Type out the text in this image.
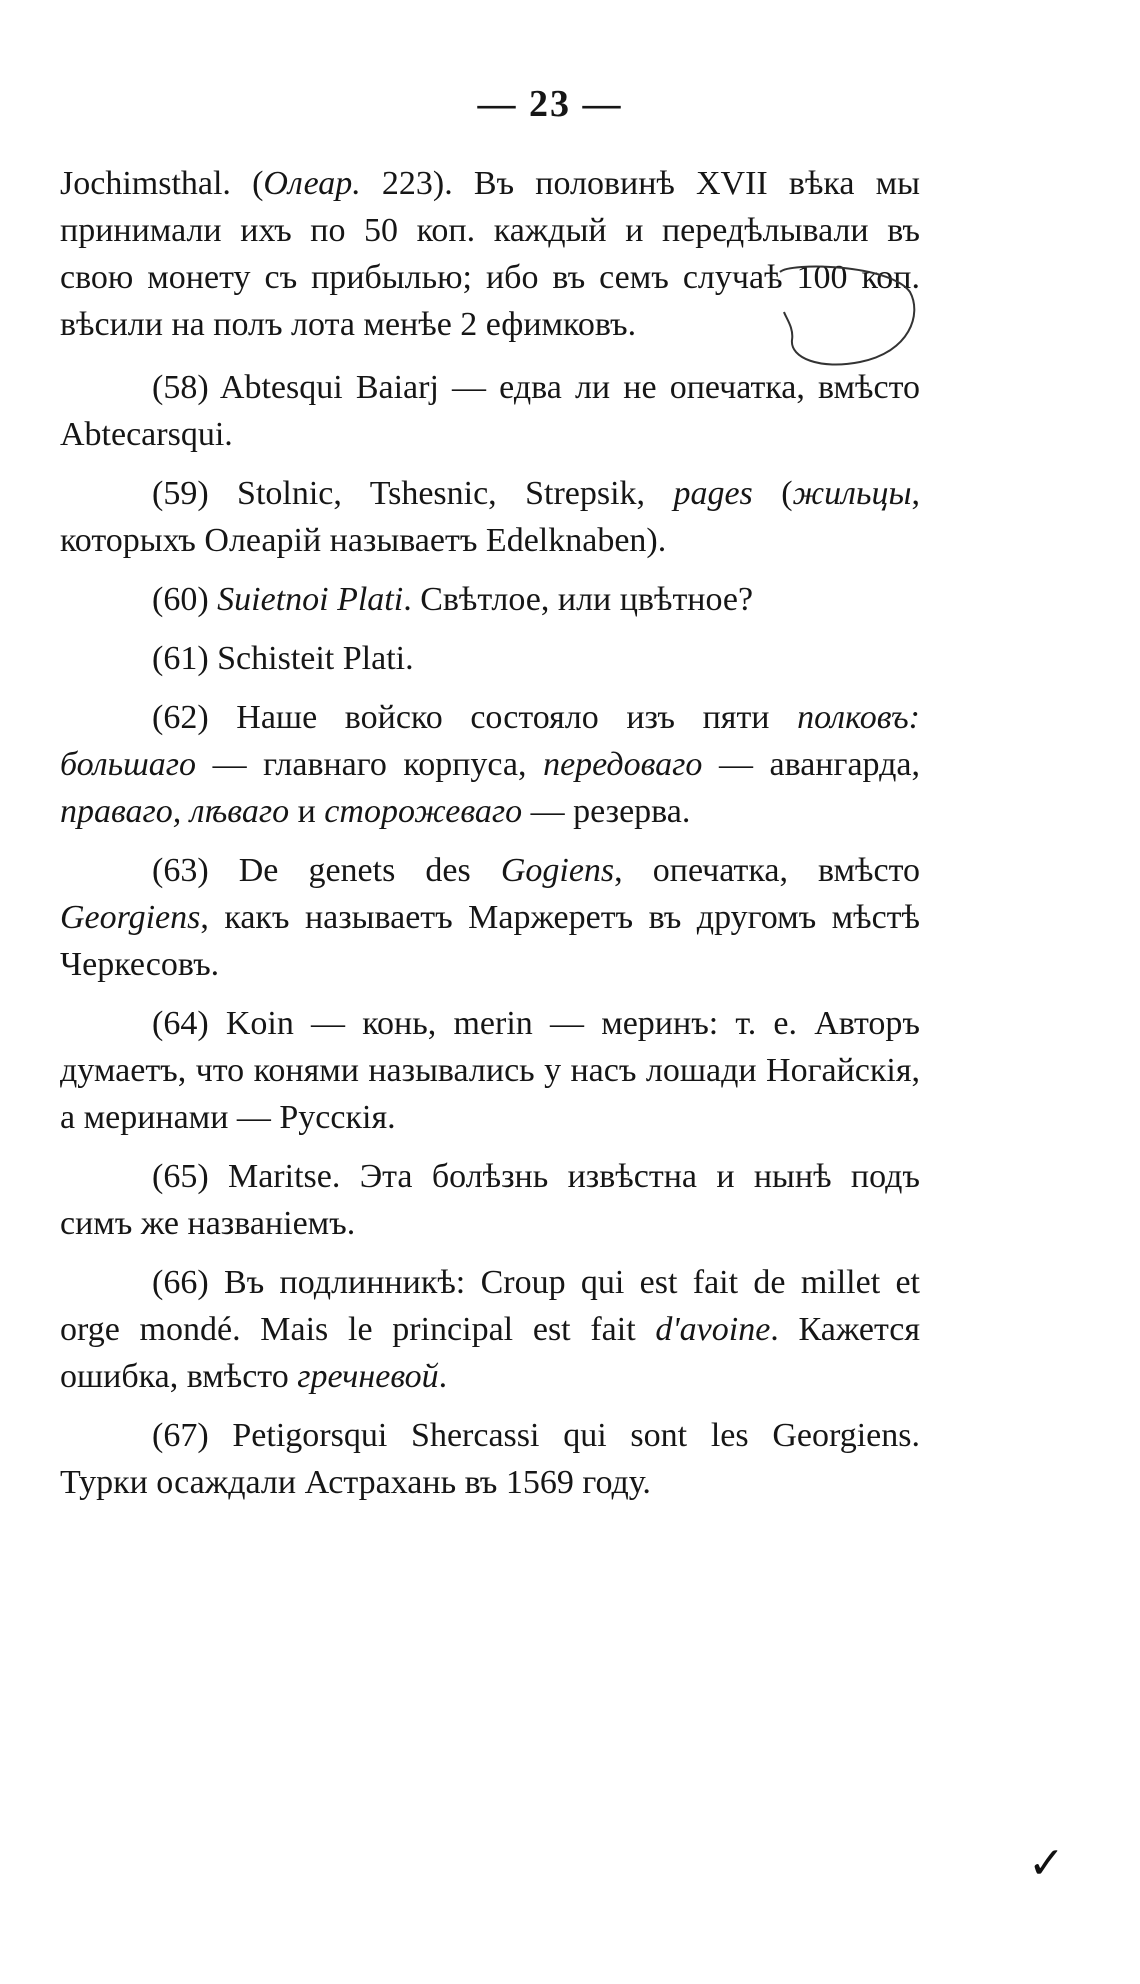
— 23 —

Jochimsthal. (Олеар. 223). Въ половинѣ XVII вѣка мы принимали ихъ по 50 коп. каждый и передѣлывали въ свою монету съ прибылью; ибо въ семъ случаѣ 100 коп. вѣсили на полъ лота менѣе 2 ефимковъ.

(58) Abtesqui Baiarj — едва ли не опечатка, вмѣсто Abtecarsqui.

(59) Stolnic, Tshesnic, Strepsik, pages (жильцы, которыхъ Олеарій называетъ Edelknaben).

(60) Suietnoi Plati. Свѣтлое, или цвѣтное?

(61) Schisteit Plati.

(62) Наше войско состояло изъ пяти полковъ: большаго — главнаго корпуса, передоваго — авангарда, праваго, лѣваго и сторожеваго — резерва.

(63) De genets des Gogiens, опечатка, вмѣсто Georgiens, какъ называетъ Маржеретъ въ другомъ мѣстѣ Черкесовъ.

(64) Koin — конь, merin — меринъ: т. е. Авторъ думаетъ, что конями назывались у насъ лошади Ногайскія, а меринами — Русскія.

(65) Maritse. Эта болѣзнь извѣстна и нынѣ подъ симъ же названіемъ.

(66) Въ подлинникѣ: Croup qui est fait de millet et orge mondé. Mais le principal est fait d'avoine. Кажется ошибка, вмѣсто гречневой.

(67) Petigorsqui Shercassi qui sont les Georgiens. Турки осаждали Астрахань въ 1569 году.

✓
